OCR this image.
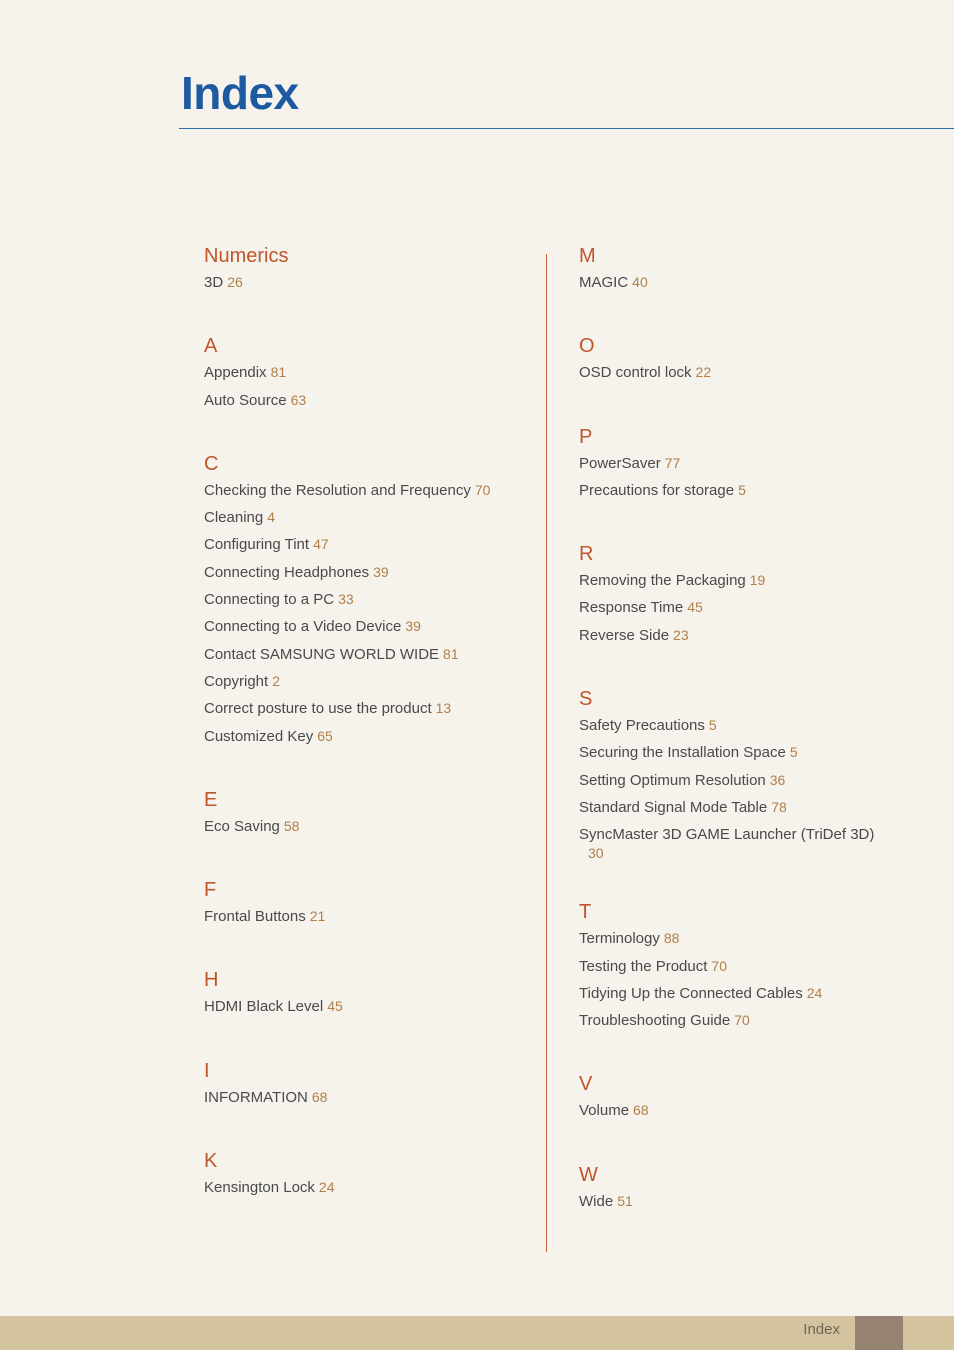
Index
Numerics
3D 26
A
Appendix 81
Auto Source 63
C
Checking the Resolution and Frequency 70
Cleaning 4
Configuring Tint 47
Connecting Headphones 39
Connecting to a PC 33
Connecting to a Video Device 39
Contact SAMSUNG WORLD WIDE 81
Copyright 2
Correct posture to use the product 13
Customized Key 65
E
Eco Saving 58
F
Frontal Buttons 21
H
HDMI Black Level 45
I
INFORMATION 68
K
Kensington Lock 24
M
MAGIC 40
O
OSD control lock 22
P
PowerSaver 77
Precautions for storage 5
R
Removing the Packaging 19
Response Time 45
Reverse Side 23
S
Safety Precautions 5
Securing the Installation Space 5
Setting Optimum Resolution 36
Standard Signal Mode Table 78
SyncMaster 3D GAME Launcher (TriDef 3D)
30
T
Terminology 88
Testing the Product 70
Tidying Up the Connected Cables 24
Troubleshooting Guide 70
V
Volume 68
W
Wide 51
Index
